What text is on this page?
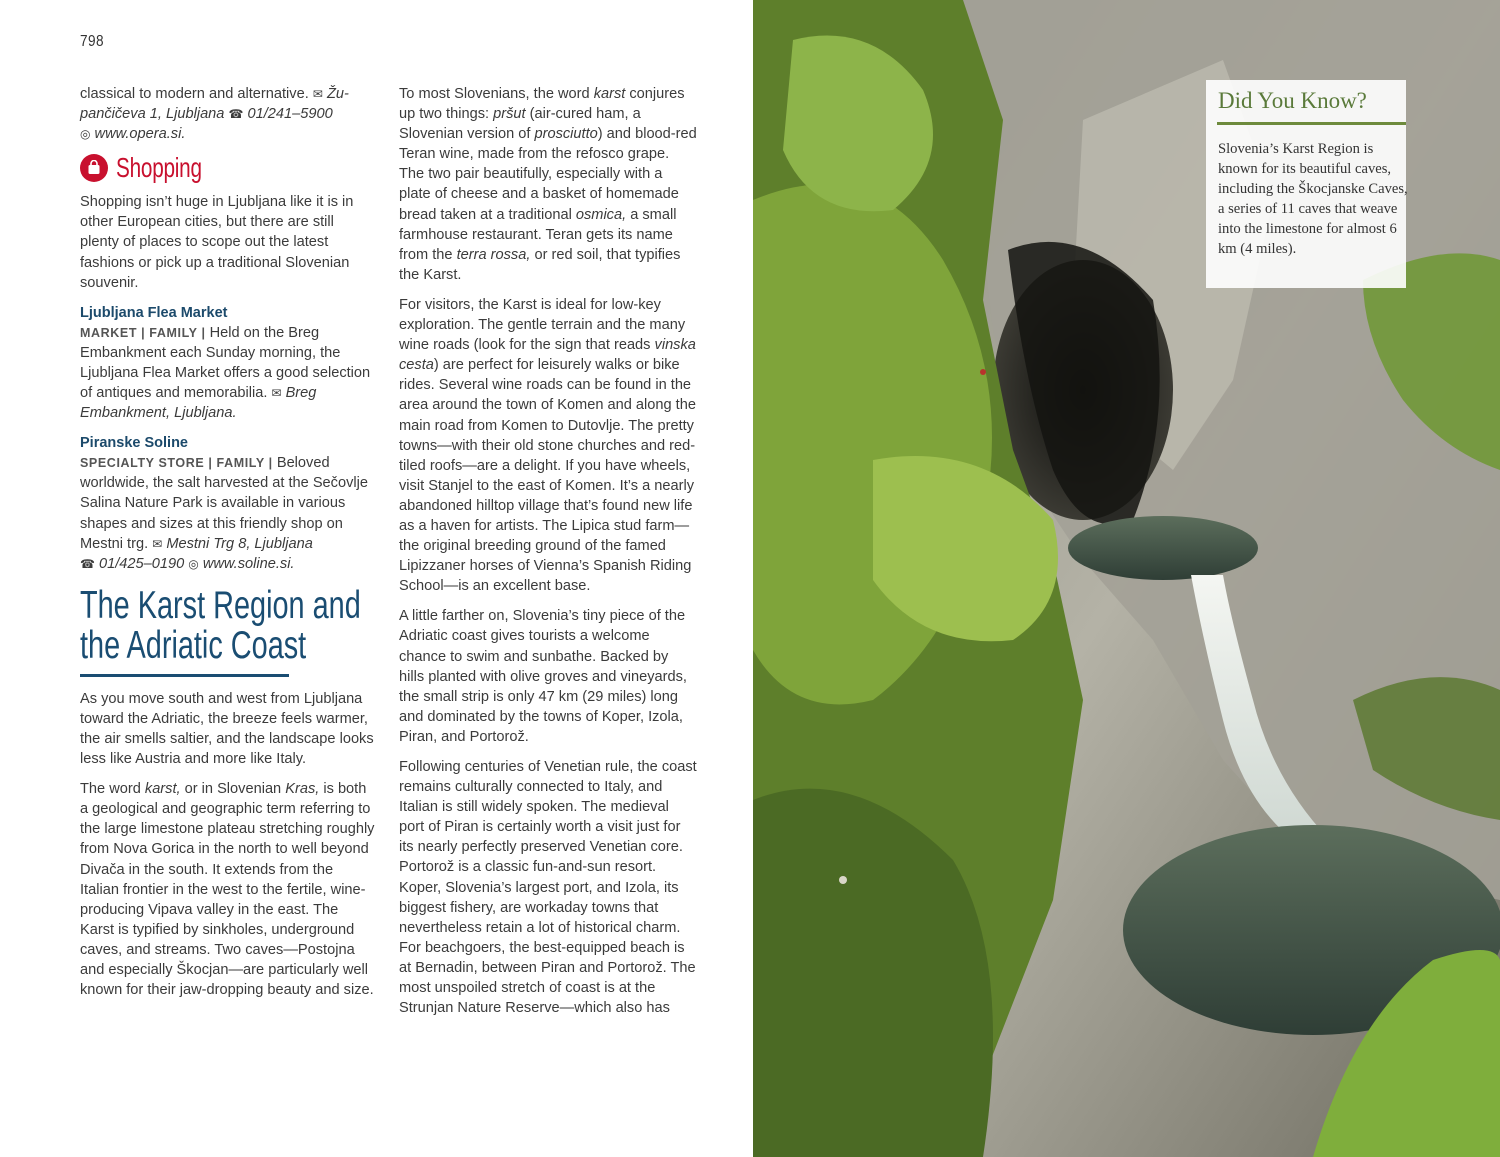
798

classical to modern and alternative. ✉ Župančičeva 1, Ljubljana ☎ 01/241–5900
◎ www.opera.si.

Shopping

Shopping isn’t huge in Ljubljana like it is in other European cities, but there are still plenty of places to scope out the latest fashions or pick up a traditional Slovenian souvenir.

Ljubljana Flea Market
MARKET | FAMILY | Held on the Breg Embankment each Sunday morning, the Ljubljana Flea Market offers a good selection of antiques and memorabilia. ✉ Breg Embankment, Ljubljana.
Piranske Soline
SPECIALTY STORE | FAMILY | Beloved worldwide, the salt harvested at the Sečovlje Salina Nature Park is available in various shapes and sizes at this friendly shop on Mestni trg. ✉ Mestni Trg 8, Ljubljana
☎ 01/425–0190 ◎ www.soline.si.
The Karst Region and
the Adriatic Coast

As you move south and west from Ljubljana toward the Adriatic, the breeze feels warmer, the air smells saltier, and the landscape looks less like Austria and more like Italy.

The word karst, or in Slovenian Kras, is both a geological and geographic term referring to the large limestone plateau stretching roughly from Nova Gorica in the north to well beyond Divača in the south. It extends from the Italian frontier in the west to the fertile, wine-producing Vipava valley in the east. The Karst is typified by sinkholes, underground caves, and streams. Two caves—Postojna and especially Škocjan—are particularly well known for their jaw-dropping beauty and size.

To most Slovenians, the word karst conjures up two things: pršut (air-cured ham, a Slovenian version of prosciutto) and blood-red Teran wine, made from the refosco grape. The two pair beautifully, especially with a plate of cheese and a basket of homemade bread taken at a traditional osmica, a small farmhouse restaurant. Teran gets its name from the terra rossa, or red soil, that typifies the Karst.

For visitors, the Karst is ideal for low-key exploration. The gentle terrain and the many wine roads (look for the sign that reads vinska cesta) are perfect for leisurely walks or bike rides. Several wine roads can be found in the area around the town of Komen and along the main road from Komen to Dutovlje. The pretty towns—with their old stone churches and red-tiled roofs—are a delight. If you have wheels, visit Stanjel to the east of Komen. It’s a nearly abandoned hilltop village that’s found new life as a haven for artists. The Lipica stud farm—the original breeding ground of the famed Lipizzaner horses of Vienna’s Spanish Riding School—is an excellent base.

A little farther on, Slovenia’s tiny piece of the Adriatic coast gives tourists a welcome chance to swim and sunbathe. Backed by hills planted with olive groves and vineyards, the small strip is only 47 km (29 miles) long and dominated by the towns of Koper, Izola, Piran, and Portorož.

Following centuries of Venetian rule, the coast remains culturally connected to Italy, and Italian is still widely spoken. The medieval port of Piran is certainly worth a visit just for its nearly perfectly preserved Venetian core. Portorož is a classic fun-and-sun resort. Koper, Slovenia’s largest port, and Izola, its biggest fishery, are workaday towns that nevertheless retain a lot of historical charm. For beachgoers, the best-equipped beach is at Bernadin, between Piran and Portorož. The most unspoiled stretch of coast is at the Strunjan Nature Reserve—which also has

Did You Know?
Slovenia’s Karst Region is known for its beautiful caves, including the Škocjanske Caves, a series of 11 caves that weave into the limestone for almost 6 km (4 miles).
